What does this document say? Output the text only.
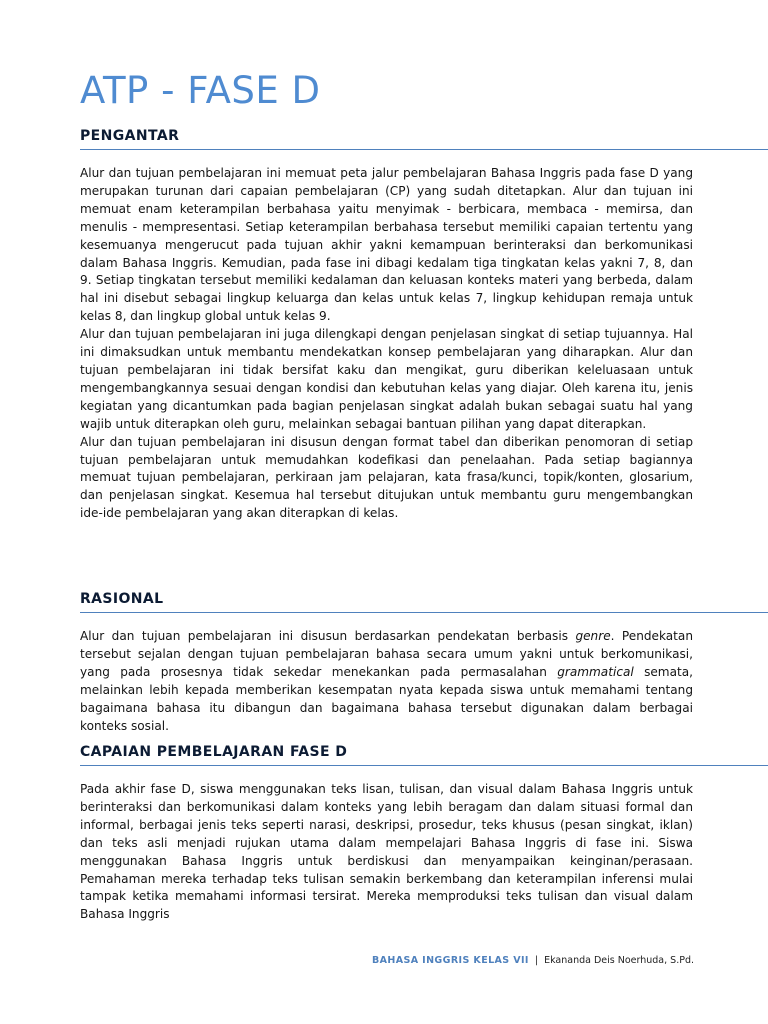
ATP - FASE D
PENGANTAR

Alur dan tujuan pembelajaran ini memuat peta jalur pembelajaran Bahasa Inggris pada fase D yang merupakan turunan dari capaian pembelajaran (CP) yang sudah ditetapkan. Alur dan tujuan ini memuat enam keterampilan berbahasa yaitu menyimak - berbicara, membaca - memirsa, dan menulis - mempresentasi. Setiap keterampilan berbahasa tersebut memiliki capaian tertentu yang kesemuanya mengerucut pada tujuan akhir yakni kemampuan berinteraksi dan berkomunikasi dalam Bahasa Inggris. Kemudian, pada fase ini dibagi kedalam tiga tingkatan kelas yakni 7, 8, dan 9. Setiap tingkatan tersebut memiliki kedalaman dan keluasan konteks materi yang berbeda, dalam hal ini disebut sebagai lingkup keluarga dan kelas untuk kelas 7, lingkup kehidupan remaja untuk kelas 8, dan lingkup global untuk kelas 9.

Alur dan tujuan pembelajaran ini juga dilengkapi dengan penjelasan singkat di setiap tujuannya. Hal ini dimaksudkan untuk membantu mendekatkan konsep pembelajaran yang diharapkan. Alur dan tujuan pembelajaran ini tidak bersifat kaku dan mengikat, guru diberikan keleluasaan untuk mengembangkannya sesuai dengan kondisi dan kebutuhan kelas yang diajar. Oleh karena itu, jenis kegiatan yang dicantumkan pada bagian penjelasan singkat adalah bukan sebagai suatu hal yang wajib untuk diterapkan oleh guru, melainkan sebagai bantuan pilihan yang dapat diterapkan.

Alur dan tujuan pembelajaran ini disusun dengan format tabel dan diberikan penomoran di setiap tujuan pembelajaran untuk memudahkan kodefikasi dan penelaahan. Pada setiap bagiannya memuat tujuan pembelajaran, perkiraan jam pelajaran, kata frasa/kunci, topik/konten, glosarium, dan penjelasan singkat. Kesemua hal tersebut ditujukan untuk membantu guru mengembangkan ide-ide pembelajaran yang akan diterapkan di kelas.

RASIONAL

Alur dan tujuan pembelajaran ini disusun berdasarkan pendekatan berbasis genre. Pendekatan tersebut sejalan dengan tujuan pembelajaran bahasa secara umum yakni untuk berkomunikasi, yang pada prosesnya tidak sekedar menekankan pada permasalahan grammatical semata, melainkan lebih kepada memberikan kesempatan nyata kepada siswa untuk memahami tentang bagaimana bahasa itu dibangun dan bagaimana bahasa tersebut digunakan dalam berbagai konteks sosial.

CAPAIAN PEMBELAJARAN FASE D

Pada akhir fase D, siswa menggunakan teks lisan, tulisan, dan visual dalam Bahasa Inggris untuk berinteraksi dan berkomunikasi dalam konteks yang lebih beragam dan dalam situasi formal dan informal, berbagai jenis teks seperti narasi, deskripsi, prosedur, teks khusus (pesan singkat, iklan) dan teks asli menjadi rujukan utama dalam mempelajari Bahasa Inggris di fase ini. Siswa menggunakan Bahasa Inggris untuk berdiskusi dan menyampaikan keinginan/perasaan. Pemahaman mereka terhadap teks tulisan semakin berkembang dan keterampilan inferensi mulai tampak ketika memahami informasi tersirat. Mereka memproduksi teks tulisan dan visual dalam Bahasa Inggris

BAHASA INGGRIS KELAS VII | Ekananda Deis Noerhuda, S.Pd.
